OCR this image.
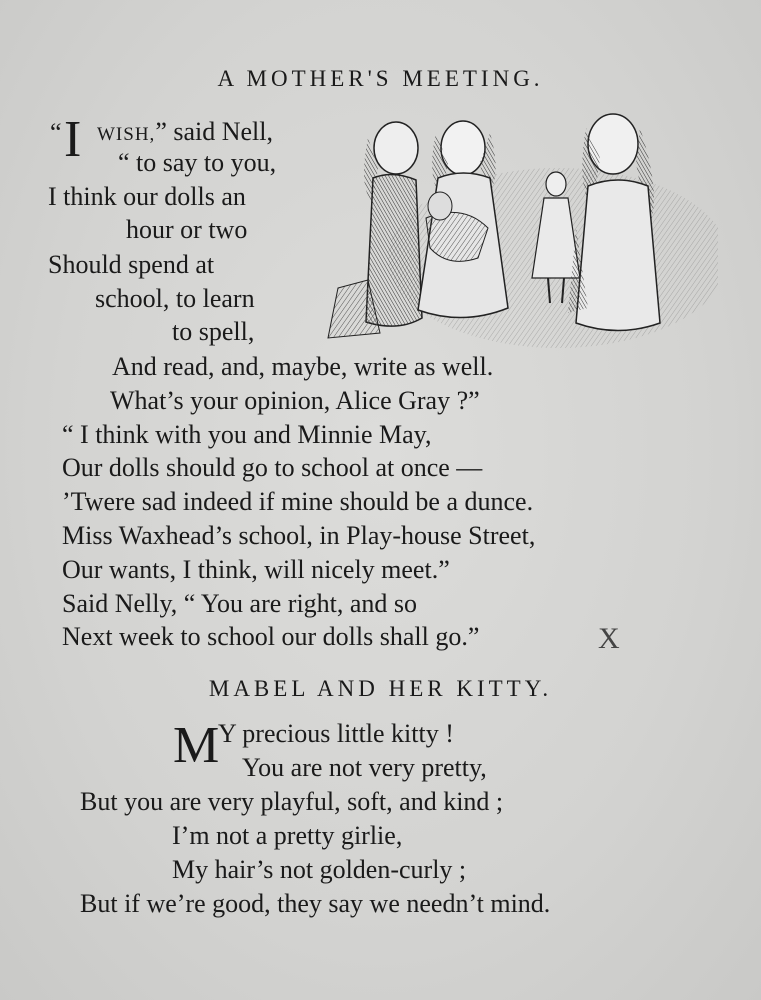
A MOTHER'S MEETING.
“ I WISH,” said Nell,
“ to say to you,
I think our dolls an
hour or two
Should spend at
school, to learn
to spell,
And read, and, maybe, write as well.
What’s your opinion, Alice Gray ?”
“ I think with you and Minnie May,
Our dolls should go to school at once —
’Twere sad indeed if mine should be a dunce.
Miss Waxhead’s school, in Play-house Street,
Our wants, I think, will nicely meet.”
Said Nelly, “ You are right, and so
Next week to school our dolls shall go.”	X
MABEL AND HER KITTY.
M
Y precious little kitty !
You are not very pretty,
But you are very playful, soft, and kind ;
I’m not a pretty girlie,
My hair’s not golden-curly ;
But if we’re good, they say we needn’t mind.
